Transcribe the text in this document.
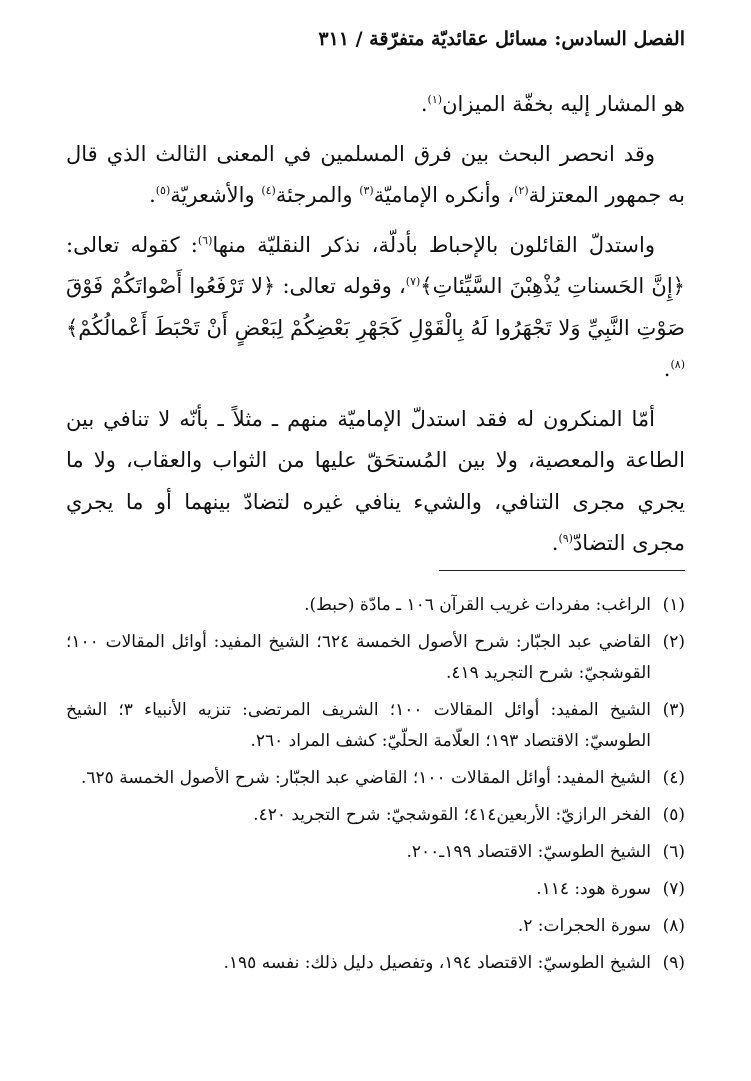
الفصل السادس: مسائل عقائديّة متفرّقة / ٣١١

هو المشار إليه بخفّة الميزان$^{(١)}$.

وقد انحصر البحث بين فرق المسلمين في المعنى الثالث الذي قال به جمهور المعتزلة$^{(٢)}$، وأنكره الإماميّة$^{(٣)}$ والمرجئة$^{(٤)}$ والأشعريّة$^{(٥)}$.

واستدلّ القائلون بالإحباط بأدلّة، نذكر النقليّة منها$^{(٦)}$: كقوله تعالى: ﴿إِنَّ الحَسناتِ يُذْهِبْنَ السَّيِّئاتِ﴾$^{(٧)}$، وقوله تعالى: ﴿لا تَرْفَعُوا أَصْواتَكُمْ فَوْقَ صَوْتِ النَّبِيِّ وَلا تَجْهَرُوا لَهُ بِالْقَوْلِ كَجَهْرِ بَعْضِكُمْ لِبَعْضٍ أَنْ تَحْبَطَ أَعْمالُكُمْ﴾$^{(٨)}$.

أمّا المنكرون له فقد استدلّ الإماميّة منهم ـ مثلاً ـ بأنّه لا تنافي بين الطاعة والمعصية، ولا بين المُستحَقّ عليها من الثواب والعقاب، ولا ما يجري مجرى التنافي، والشيء ينافي غيره لتضادّ بينهما أو ما يجري مجرى التضادّ$^{(٩)}$.

(١)
الراغب: مفردات غريب القرآن ١٠٦ ـ مادّة (حبط).
(٢)
القاضي عبد الجبّار: شرح الأصول الخمسة ٦٢٤؛ الشيخ المفيد: أوائل المقالات ١٠٠؛ القوشجيّ: شرح التجريد ٤١٩.
(٣)
الشيخ المفيد: أوائل المقالات ١٠٠؛ الشريف المرتضى: تنزيه الأنبياء ٣؛ الشيخ الطوسيّ: الاقتصاد ١٩٣؛ العلّامة الحلّيّ: كشف المراد ٢٦٠.
(٤)
الشيخ المفيد: أوائل المقالات ١٠٠؛ القاضي عبد الجبّار: شرح الأصول الخمسة ٦٢٥.
(٥)
الفخر الرازيّ: الأربعين٤١٤؛ القوشجيّ: شرح التجريد ٤٢٠.
(٦)
الشيخ الطوسيّ: الاقتصاد ١٩٩ـ٢٠٠.
(٧)
سورة هود: ١١٤.
(٨)
سورة الحجرات: ٢.
(٩)
الشيخ الطوسيّ: الاقتصاد ١٩٤، وتفصيل دليل ذلك: نفسه ١٩٥.
